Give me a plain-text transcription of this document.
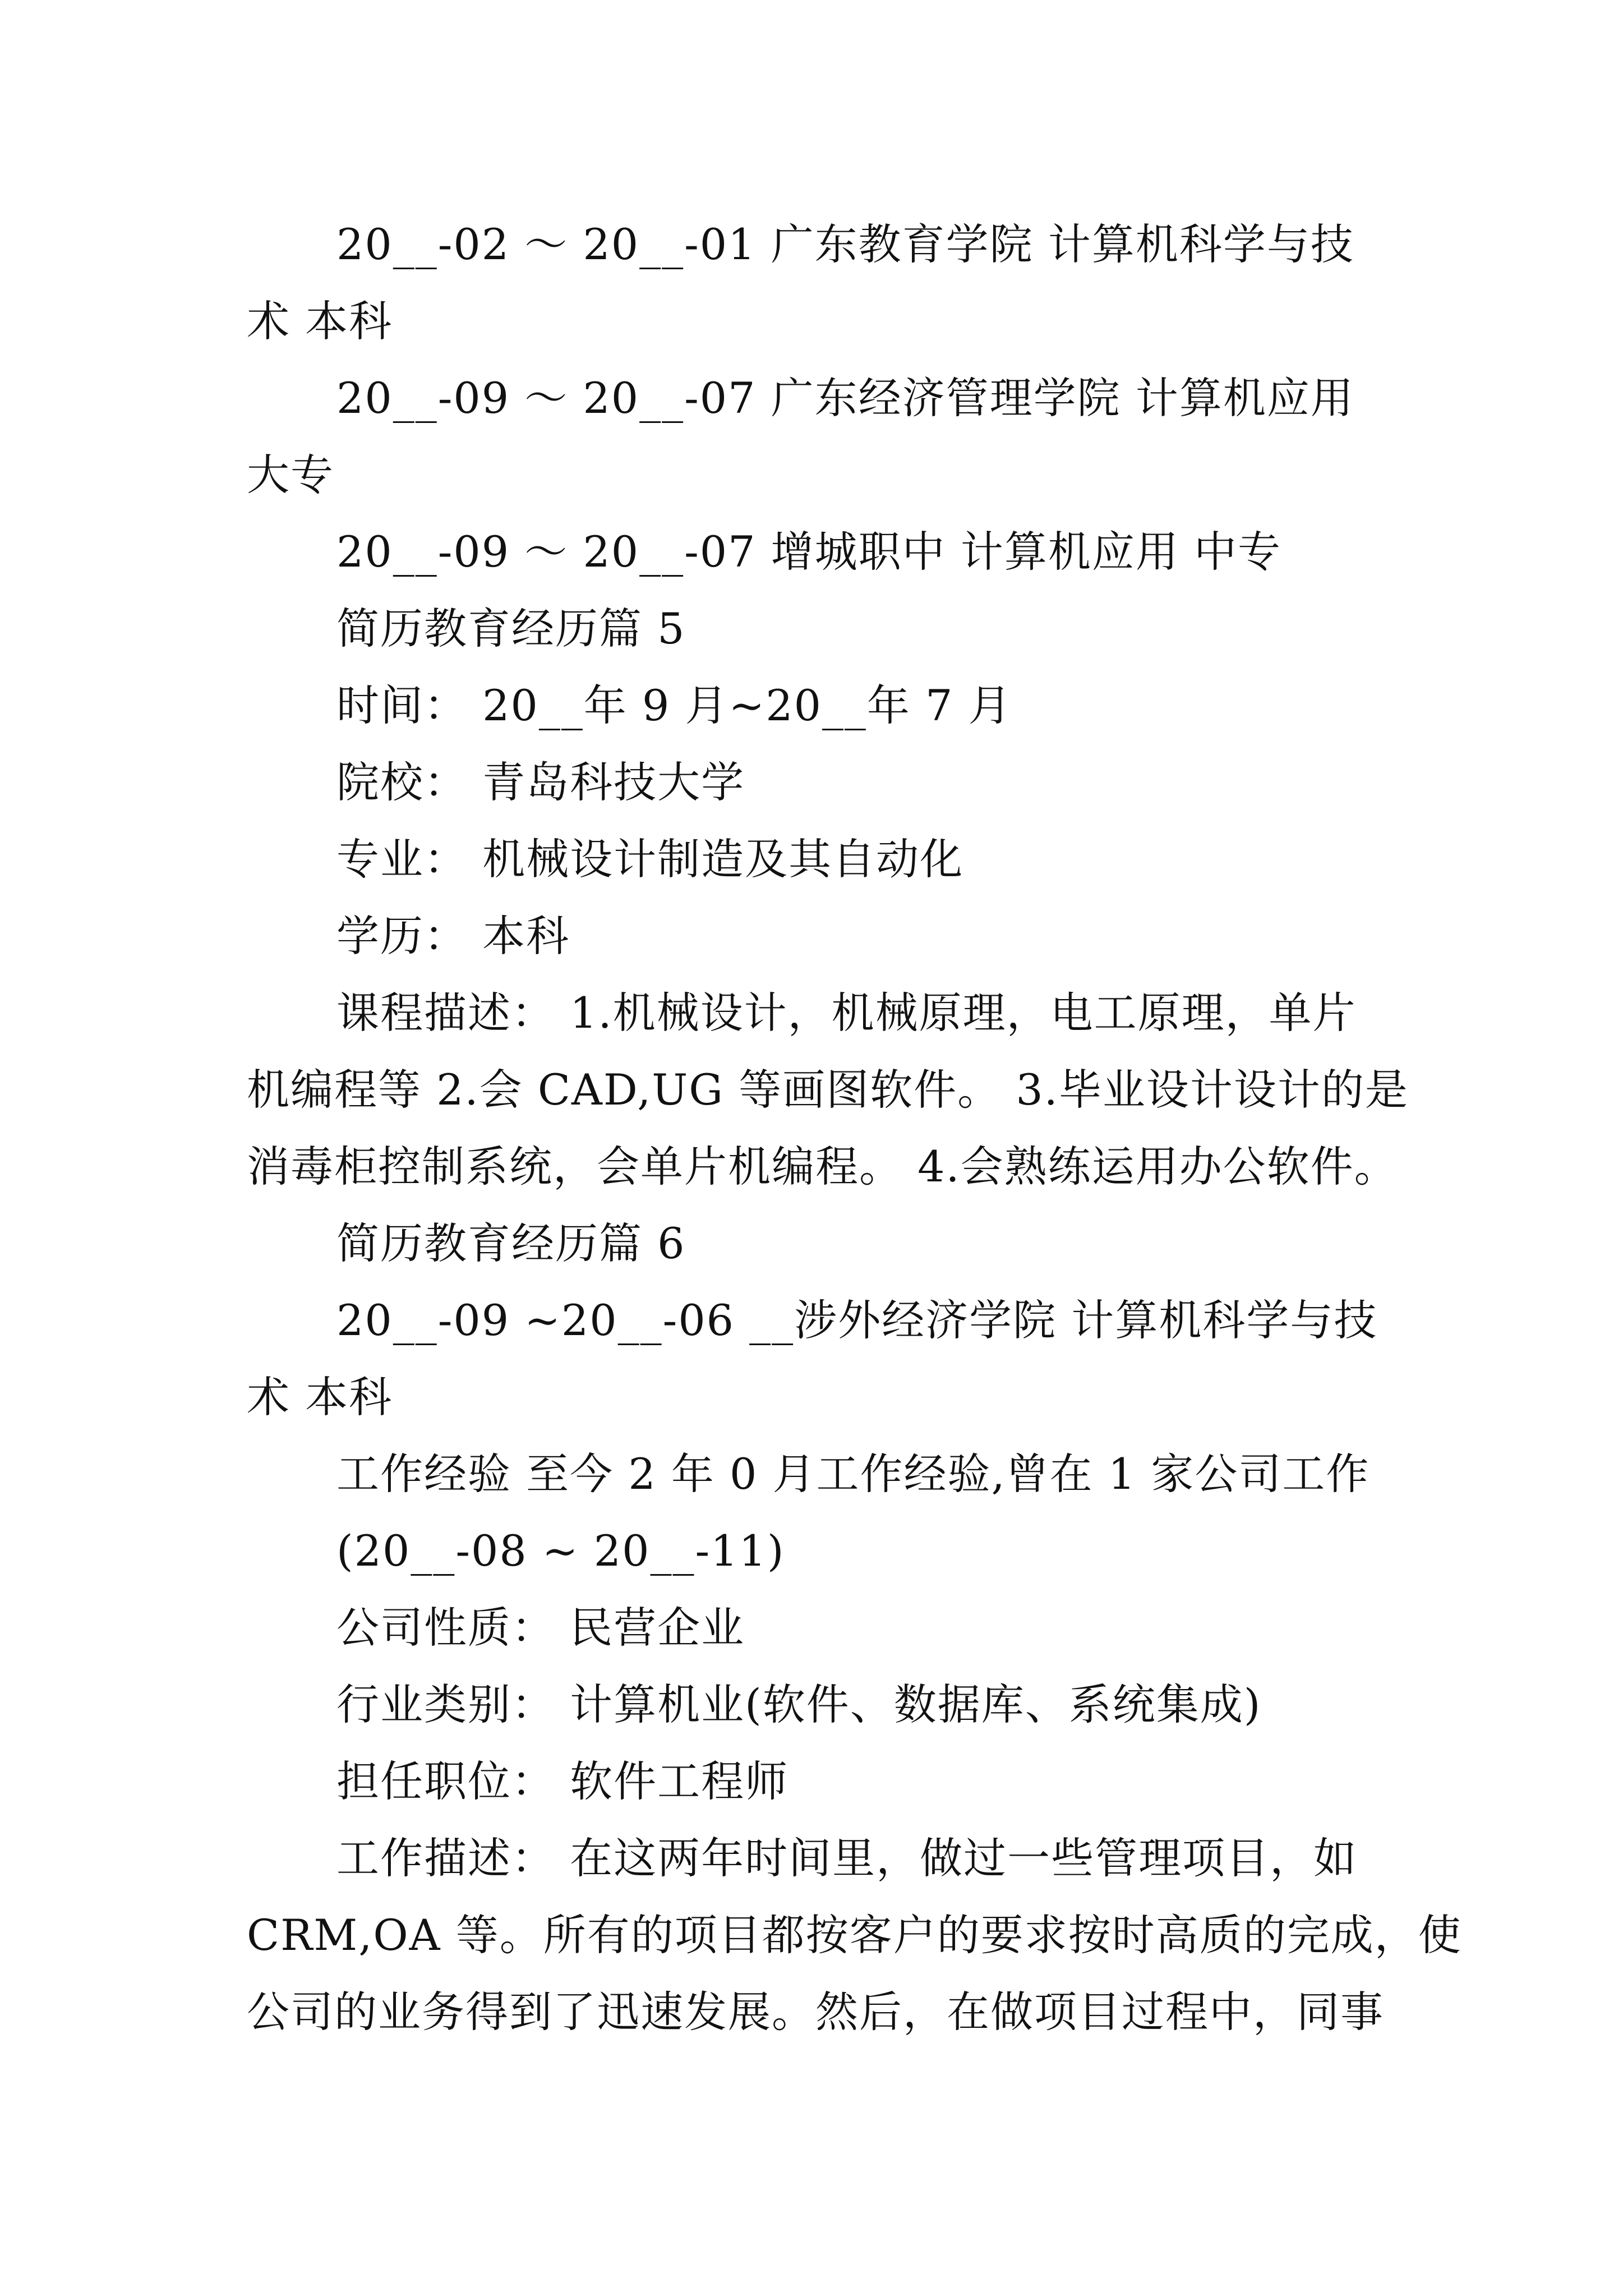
20__-02 ～ 20__-01 广东教育学院 计算机科学与技
术 本科
20__-09 ～ 20__-07 广东经济管理学院 计算机应用
大专
20__-09 ～ 20__-07 增城职中 计算机应用 中专
简历教育经历篇 5
时间： 20__年 9 月~20__年 7 月
院校： 青岛科技大学
专业： 机械设计制造及其自动化
学历： 本科
课程描述： 1.机械设计，机械原理，电工原理，单片
机编程等 2.会 CAD,UG 等画图软件。 3.毕业设计设计的是
消毒柜控制系统，会单片机编程。 4.会熟练运用办公软件。
简历教育经历篇 6
20__-09 ~20__-06 __涉外经济学院 计算机科学与技
术 本科
工作经验 至今 2 年 0 月工作经验,曾在 1 家公司工作
(20__-08 ~ 20__-11)
公司性质： 民营企业
行业类别： 计算机业(软件、数据库、系统集成)
担任职位： 软件工程师
工作描述： 在这两年时间里，做过一些管理项目，如
CRM,OA 等。所有的项目都按客户的要求按时高质的完成，使
公司的业务得到了迅速发展。然后，在做项目过程中，同事
